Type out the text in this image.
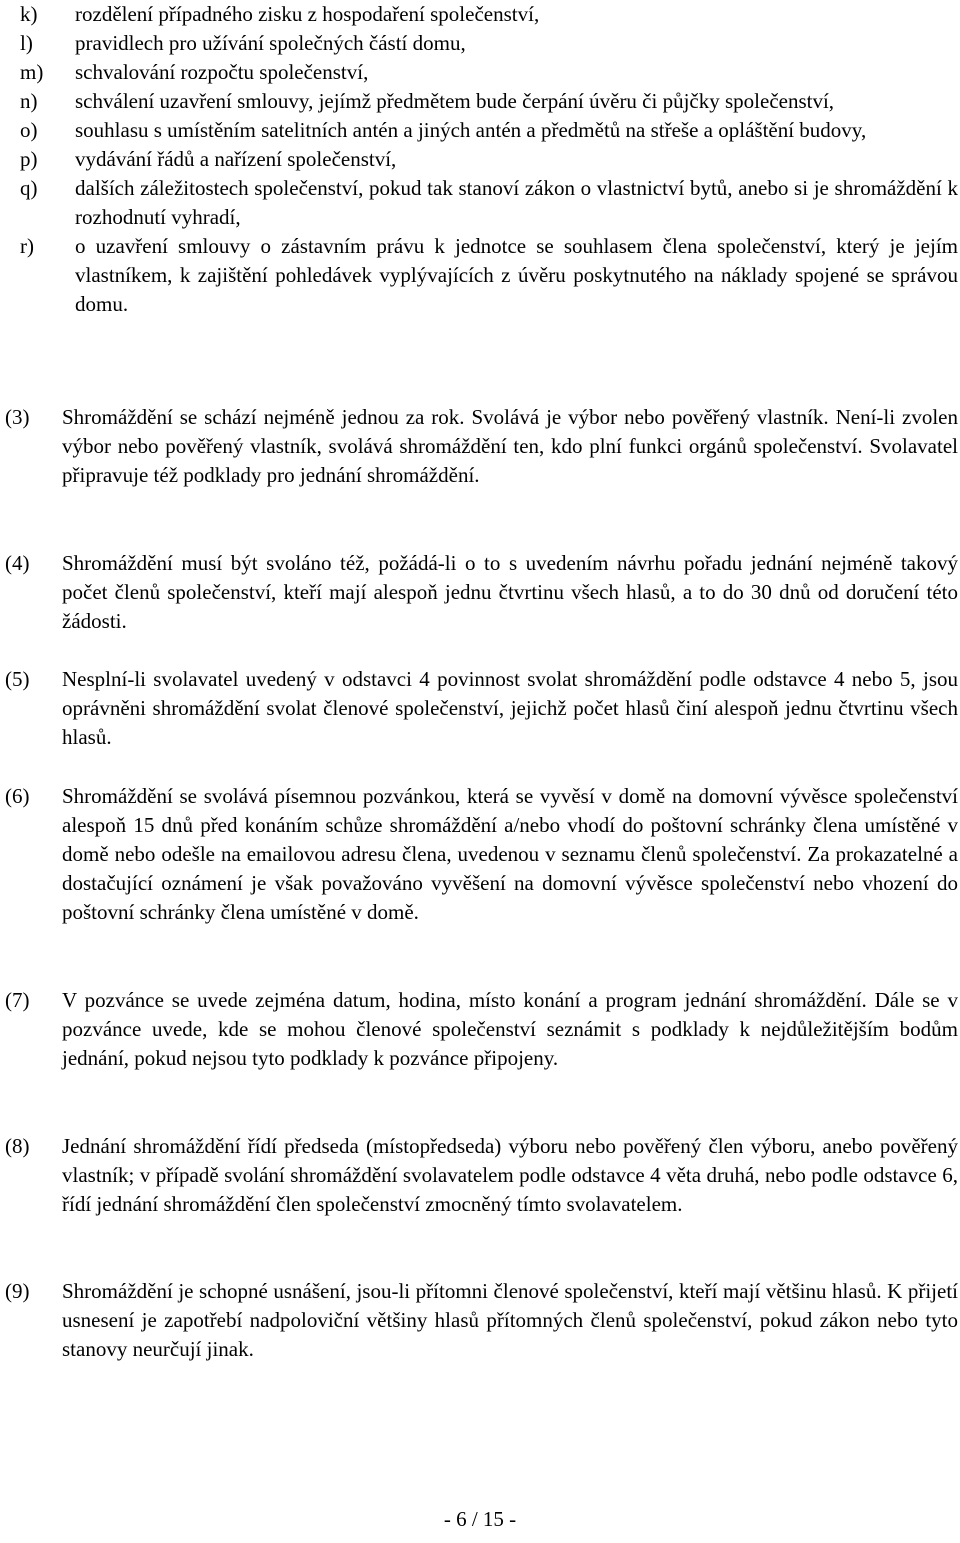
k)	rozdělení případného zisku z hospodaření společenství,
l)	pravidlech pro užívání společných částí domu,
m)	schvalování rozpočtu společenství,
n)	schválení uzavření smlouvy, jejímž předmětem bude čerpání úvěru či půjčky společenství,
o)	souhlasu s umístěním satelitních antén a jiných antén a předmětů na střeše a opláštění budovy,
p)	vydávání řádů a nařízení společenství,
q)	dalších záležitostech společenství, pokud tak stanoví zákon o vlastnictví bytů, anebo si je shromáždění k rozhodnutí vyhradí,
r)	o uzavření smlouvy o zástavním právu k jednotce se souhlasem člena společenství, který je jejím vlastníkem, k zajištění pohledávek vyplývajících z úvěru poskytnutého na náklady spojené se správou domu.
(3)	Shromáždění se schází nejméně jednou za rok. Svolává je výbor nebo pověřený vlastník. Není-li zvolen výbor nebo pověřený vlastník, svolává shromáždění ten, kdo plní funkci orgánů společenství. Svolavatel připravuje též podklady pro jednání shromáždění.
(4)	Shromáždění musí být svoláno též, požádá-li o to s uvedením návrhu pořadu jednání nejméně takový počet členů společenství, kteří mají alespoň jednu čtvrtinu všech hlasů, a to do 30 dnů od doručení této žádosti.
(5)	Nesplní-li svolavatel uvedený v odstavci 4 povinnost svolat shromáždění podle odstavce 4 nebo 5, jsou oprávněni shromáždění svolat členové společenství, jejichž počet hlasů činí alespoň jednu čtvrtinu všech hlasů.
(6)	Shromáždění se svolává písemnou pozvánkou, která se vyvěsí v domě na domovní vývěsce společenství alespoň 15 dnů před konáním schůze shromáždění a/nebo vhodí do poštovní schránky člena umístěné v domě nebo odešle na emailovou adresu člena, uvedenou v seznamu členů společenství. Za prokazatelné a dostačující oznámení je však považováno vyvěšení na domovní vývěsce společenství nebo vhození do poštovní schránky člena umístěné v domě.
(7)	V pozvánce se uvede zejména datum, hodina, místo konání a program jednání shromáždění. Dále se v pozvánce uvede, kde se mohou členové společenství seznámit s podklady k nejdůležitějším bodům jednání, pokud nejsou tyto podklady k pozvánce připojeny.
(8)	Jednání shromáždění řídí předseda (místopředseda) výboru nebo pověřený člen výboru, anebo pověřený vlastník; v případě svolání shromáždění svolavatelem podle odstavce 4 věta druhá, nebo podle odstavce 6, řídí jednání shromáždění člen společenství zmocněný tímto svolavatelem.
(9)	Shromáždění je schopné usnášení, jsou-li přítomni členové společenství, kteří mají většinu hlasů. K přijetí usnesení je zapotřebí nadpoloviční většiny hlasů přítomných členů společenství, pokud zákon nebo tyto stanovy neurčují jinak.
- 6 / 15 -
